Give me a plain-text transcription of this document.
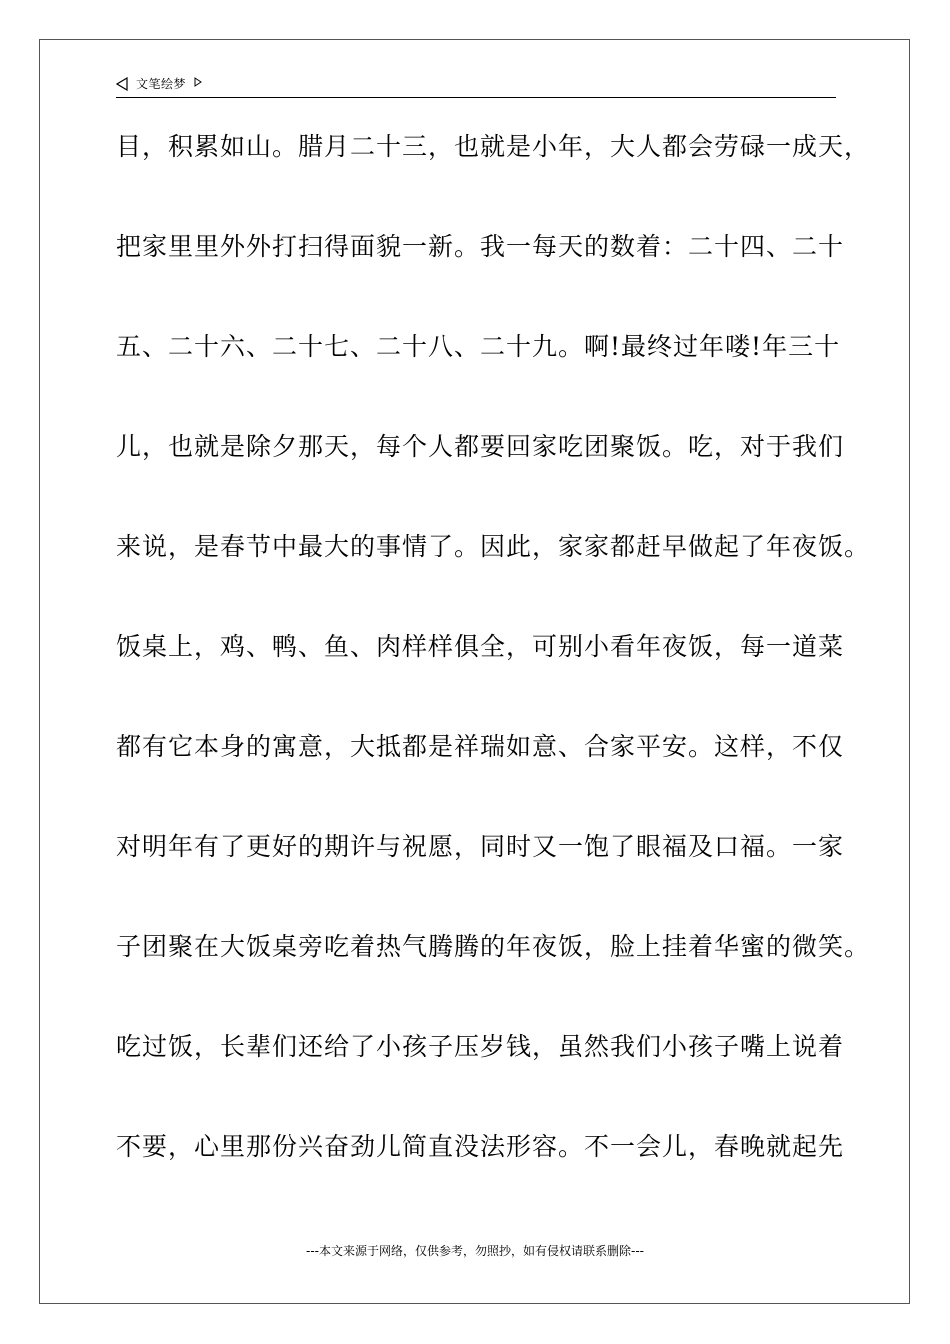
文笔绘梦
目，积累如山。腊月二十三，也就是小年，大人都会劳碌一成天，
把家里里外外打扫得面貌一新。我一每天的数着：二十四、二十
五、二十六、二十七、二十八、二十九。啊!最终过年喽!年三十
儿，也就是除夕那天，每个人都要回家吃团聚饭。吃，对于我们
来说，是春节中最大的事情了。因此，家家都赶早做起了年夜饭。
饭桌上，鸡、鸭、鱼、肉样样俱全，可别小看年夜饭，每一道菜
都有它本身的寓意，大抵都是祥瑞如意、合家平安。这样，不仅
对明年有了更好的期许与祝愿，同时又一饱了眼福及口福。一家
子团聚在大饭桌旁吃着热气腾腾的年夜饭，脸上挂着华蜜的微笑。
吃过饭，长辈们还给了小孩子压岁钱，虽然我们小孩子嘴上说着
不要，心里那份兴奋劲儿简直没法形容。不一会儿，春晚就起先
---本文来源于网络，仅供参考，勿照抄，如有侵权请联系删除---
